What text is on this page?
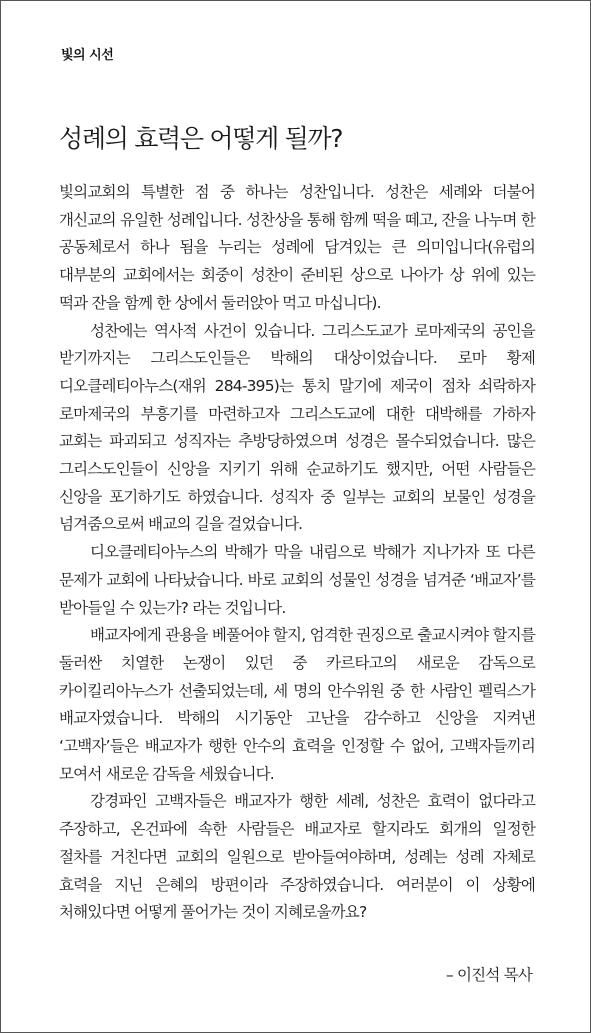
빛의 시선
성례의 효력은 어떻게 될까?

빛의교회의 특별한 점 중 하나는 성찬입니다. 성찬은 세례와 더불어 개신교의 유일한 성례입니다. 성찬상을 통해 함께 떡을 떼고, 잔을 나누며 한 공동체로서 하나 됨을 누리는 성례에 담겨있는 큰 의미입니다(유럽의 대부분의 교회에서는 회중이 성찬이 준비된 상으로 나아가 상 위에 있는 떡과 잔을 함께 한 상에서 둘러앉아 먹고 마십니다).

성찬에는 역사적 사건이 있습니다. 그리스도교가 로마제국의 공인을 받기까지는 그리스도인들은 박해의 대상이었습니다. 로마 황제 디오클레티아누스(재위 284-395)는 통치 말기에 제국이 점차 쇠락하자 로마제국의 부흥기를 마련하고자 그리스도교에 대한 대박해를 가하자 교회는 파괴되고 성직자는 추방당하였으며 성경은 몰수되었습니다. 많은 그리스도인들이 신앙을 지키기 위해 순교하기도 했지만, 어떤 사람들은 신앙을 포기하기도 하였습니다. 성직자 중 일부는 교회의 보물인 성경을 넘겨줌으로써 배교의 길을 걸었습니다.

디오클레티아누스의 박해가 막을 내림으로 박해가 지나가자 또 다른 문제가 교회에 나타났습니다. 바로 교회의 성물인 성경을 넘겨준 ‘배교자’를 받아들일 수 있는가? 라는 것입니다.

배교자에게 관용을 베풀어야 할지, 엄격한 권징으로 출교시켜야 할지를 둘러싼 치열한 논쟁이 있던 중 카르타고의 새로운 감독으로 카이킬리아누스가 선출되었는데, 세 명의 안수위원 중 한 사람인 펠릭스가 배교자였습니다. 박해의 시기동안 고난을 감수하고 신앙을 지켜낸 ‘고백자’들은 배교자가 행한 안수의 효력을 인정할 수 없어, 고백자들끼리 모여서 새로운 감독을 세웠습니다.

강경파인 고백자들은 배교자가 행한 세례, 성찬은 효력이 없다라고 주장하고, 온건파에 속한 사람들은 배교자로 할지라도 회개의 일정한 절차를 거친다면 교회의 일원으로 받아들여야하며, 성례는 성례 자체로 효력을 지닌 은혜의 방편이라 주장하였습니다. 여러분이 이 상황에 처해있다면 어떻게 풀어가는 것이 지혜로울까요?

– 이진석 목사
